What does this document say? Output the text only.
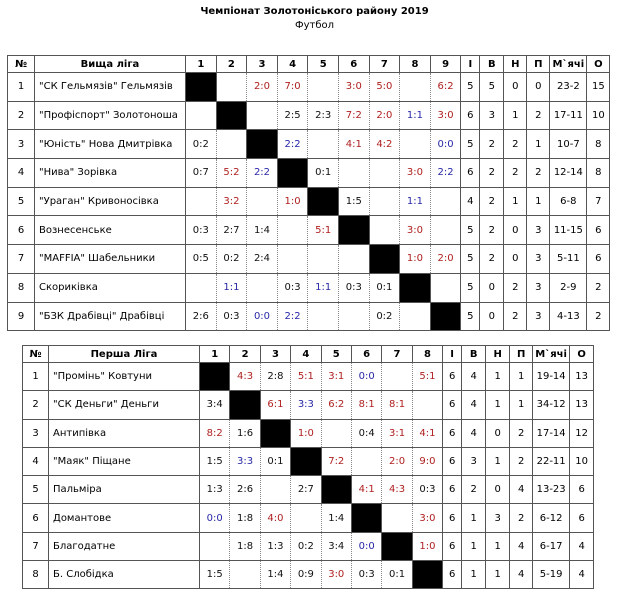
Чемпіонат Золотоніського району 2019
Футбол
№	Вища ліга	1	2	3	4	5	6	7	8	9	І	В	Н	П	М`ячі	О
1	"СК Гельмязів" Гельмязів			2:0	7:0		3:0	5:0		6:2	5	5	0	0	23-2	15
2	"Профіспорт" Золотоноша				2:5	2:3	7:2	2:0	1:1	3:0	6	3	1	2	17-11	10
3	"Юність" Нова Дмитрівка	0:2			2:2		4:1	4:2		0:0	5	2	2	1	10-7	8
4	"Нива" Зорівка	0:7	5:2	2:2		0:1			3:0	2:2	6	2	2	2	12-14	8
5	"Ураган" Кривоносівка		3:2		1:0		1:5		1:1		4	2	1	1	6-8	7
6	Вознесенське	0:3	2:7	1:4		5:1			3:0		5	2	0	3	11-15	6
7	"MAFFIA" Шабельники	0:5	0:2	2:4					1:0	2:0	5	2	0	3	5-11	6
8	Скориківка		1:1		0:3	1:1	0:3	0:1			5	0	2	3	2-9	2
9	"БЗК Драбівці" Драбівці	2:6	0:3	0:0	2:2			0:2			5	0	2	3	4-13	2
№	Перша Ліга	1	2	3	4	5	6	7	8	І	В	Н	П	М`ячі	О
1	"Промінь" Ковтуни		4:3	2:8	5:1	3:1	0:0		5:1	6	4	1	1	19-14	13
2	"СК Деньги" Деньги	3:4		6:1	3:3	6:2	8:1	8:1		6	4	1	1	34-12	13
3	Антипівка	8:2	1:6		1:0		0:4	3:1	4:1	6	4	0	2	17-14	12
4	"Маяк" Піщане	1:5	3:3	0:1		7:2		2:0	9:0	6	3	1	2	22-11	10
5	Пальміра	1:3	2:6		2:7		4:1	4:3	0:3	6	2	0	4	13-23	6
6	Домантове	0:0	1:8	4:0		1:4			3:0	6	1	3	2	6-12	6
7	Благодатне		1:8	1:3	0:2	3:4	0:0		1:0	6	1	1	4	6-17	4
8	Б. Слобідка	1:5		1:4	0:9	3:0	0:3	0:1		6	1	1	4	5-19	4
